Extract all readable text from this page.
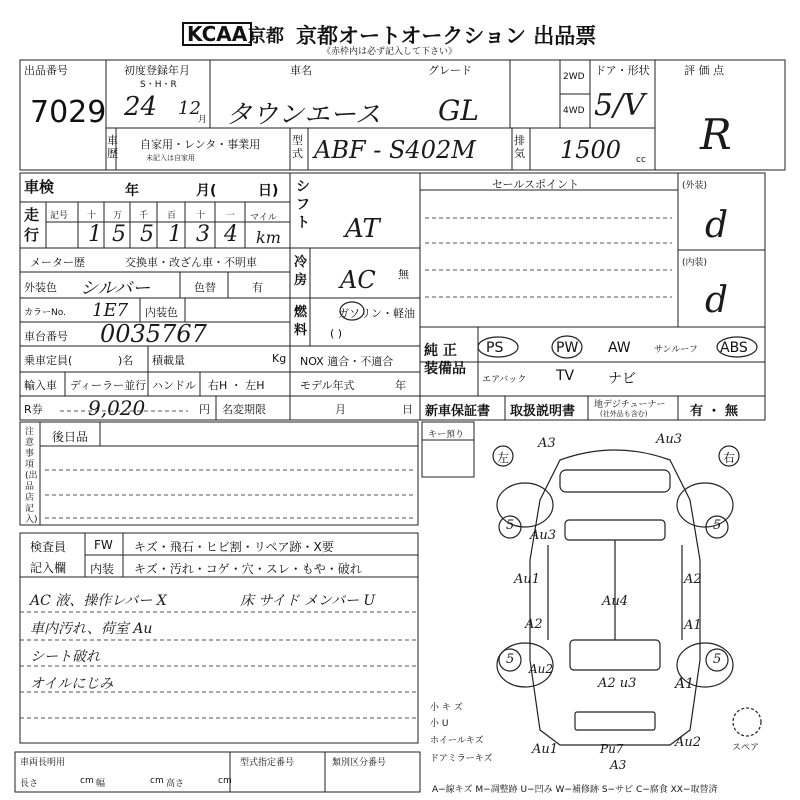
KCAA 京都 京都オートオークション 出品票
《赤枠内は必ず記入して下さい》
出品番号
7029
初度登録年月
S・H・R
24 12
月
車名
タウンエース
グレード
GL
2WD
4WD
ドア・形状
5/V
評 価 点
R
車歴
自家用・レンタ・事業用
未記入は自家用
型式 ABF - S402M	排気 1500 cc
車検	年	月(	日)
走行
記号 十 万 千 百 十 一 マイル
1 5 5 1 3 4 km
メーター歴	交換車・改ざん車・不明車
外装色 シルバー	色替	有
カラーNo. 1E7 内装色
車台番号 0035767
乗車定員(	)名 積載量	Kg
輸入車 ディーラー並行 ハンドル 右H ・ 左H
R券 9,020	円 名変期限	月	日
シフト AT
冷房 AC 無
燃料
ガソリン・軽油
( )
NOX 適合・不適合
モデル年式	年
セールスポイント	(外装)
d
(内装)
d
純 正 装備品
PS	PW AW	サンルーフ ABS
エアバック TV ナビ
新車保証書 取扱説明書 地デジチューナー
(社外品も含む)	有 ・ 無
注意事項(出品店記入)
後日品
検査員
記入欄
FW キズ・飛石・ヒビ割・リペア跡・X要
内装 キズ・汚れ・コゲ・穴・スレ・もや・破れ
AC 液、操作レバー X	床 サイド メンバー U
車内汚れ、荷室 Au
シート破れ
オイルにじみ
キー預り
左	右
A3	Au3
Au3
5	5
Au1	A2
Au4
A2	A1
5	5
Au2
A2 u3	A1
Au1	Pu7	Au2
A3
小 キ ズ
小 U
ホイールキズ
ドアミラーキズ
スペア
車両長明用
長さ	cm 幅	cm 高さ	cm
型式指定番号	類別区分番号
A−線キズ M−凋整跡 U−凹み W−補修跡 S−サビ C−腐食 XX−取替済
